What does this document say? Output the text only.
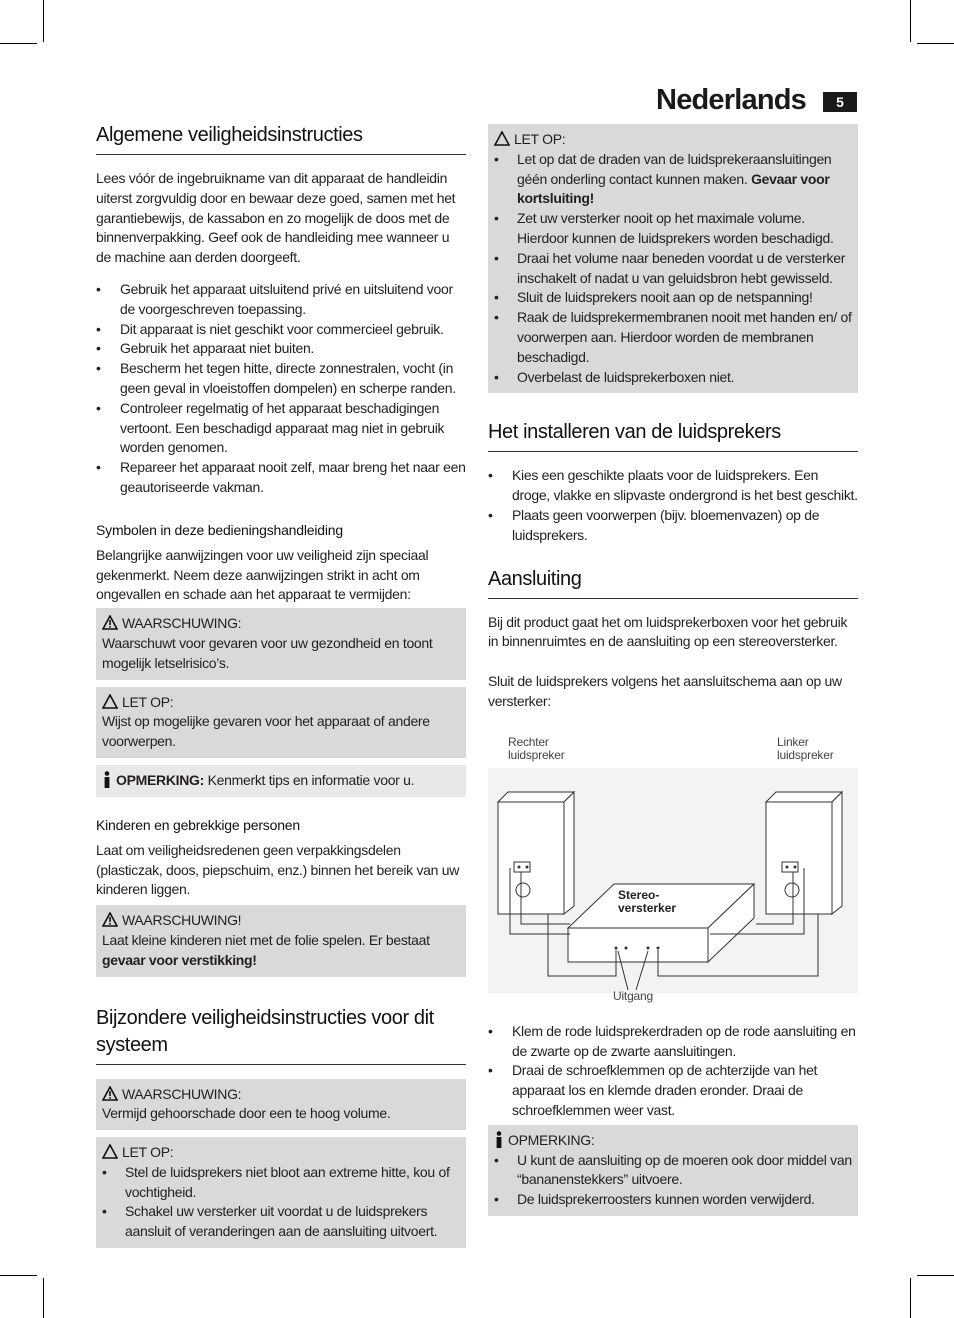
Nederlands	5
Algemene veiligheidsinstructies

Lees vóór de ingebruikname van dit apparaat de handleidin uiterst zorgvuldig door en bewaar deze goed, samen met het garantiebewijs, de kassabon en zo mogelijk de doos met de binnenverpakking. Geef ook de handleiding mee wanneer u de machine aan derden doorgeeft.

• Gebruik het apparaat uitsluitend privé en uitsluitend voor de voorgeschreven toepassing.
• Dit apparaat is niet geschikt voor commercieel gebruik.
• Gebruik het apparaat niet buiten.
• Bescherm het tegen hitte, directe zonnestralen, vocht (in geen geval in vloeistoffen dompelen) en scherpe randen.
• Controleer regelmatig of het apparaat beschadigingen vertoont. Een beschadigd apparaat mag niet in gebruik worden genomen.
• Repareer het apparaat nooit zelf, maar breng het naar een geautoriseerde vakman.
Symbolen in deze bedieningshandleiding

Belangrijke aanwijzingen voor uw veiligheid zijn speciaal gekenmerkt. Neem deze aanwijzingen strikt in acht om ongevallen en schade aan het apparaat te vermijden:

WAARSCHUWING:

Waarschuwt voor gevaren voor uw gezondheid en toont mogelijk letselrisico’s.

LET OP:

Wijst op mogelijke gevaren voor het apparaat of andere voorwerpen.

OPMERKING: Kenmerkt tips en informatie voor u.
Kinderen en gebrekkige personen

Laat om veiligheidsredenen geen verpakkingsdelen (plasticzak, doos, piepschuim, enz.) binnen het bereik van uw kinderen liggen.

WAARSCHUWING!

Laat kleine kinderen niet met de folie spelen. Er bestaat gevaar voor verstikking!

Bijzondere veiligheidsinstructies voor dit systeem
WAARSCHUWING:

Vermijd gehoorschade door een te hoog volume.

LET OP:
• Stel de luidsprekers niet bloot aan extreme hitte, kou of vochtigheid.
• Schakel uw versterker uit voordat u de luidsprekers aansluit of veranderingen aan de aansluiting uitvoert.
LET OP:
• Let op dat de draden van de luidsprekeraansluitingen géén onderling contact kunnen maken. Gevaar voor kortsluiting!
• Zet uw versterker nooit op het maximale volume. Hierdoor kunnen de luidsprekers worden beschadigd.
• Draai het volume naar beneden voordat u de versterker inschakelt of nadat u van geluidsbron hebt gewisseld.
• Sluit de luidsprekers nooit aan op de netspanning!
• Raak de luidsprekermembranen nooit met handen en/ of voorwerpen aan. Hierdoor worden de membranen beschadigd.
• Overbelast de luidsprekerboxen niet.
Het installeren van de luidsprekers
• Kies een geschikte plaats voor de luidsprekers. Een droge, vlakke en slipvaste ondergrond is het best geschikt.
• Plaats geen voorwerpen (bijv. bloemenvazen) op de luidsprekers.
Aansluiting

Bij dit product gaat het om luidsprekerboxen voor het gebruik in binnenruimtes en de aansluiting op een stereoversterker.

Sluit de luidsprekers volgens het aansluitschema aan op uw versterker:

Rechter
luidspreker
Linker
luidspreker
Stereo-
versterker
Uitgang
• Klem de rode luidsprekerdraden op de rode aansluiting en de zwarte op de zwarte aansluitingen.
• Draai de schroefklemmen op de achterzijde van het apparaat los en klemde draden eronder. Draai de schroefklemmen weer vast.
OPMERKING:
• U kunt de aansluiting op de moeren ook door middel van “bananenstekkers” uitvoere.
• De luidsprekerroosters kunnen worden verwijderd.
